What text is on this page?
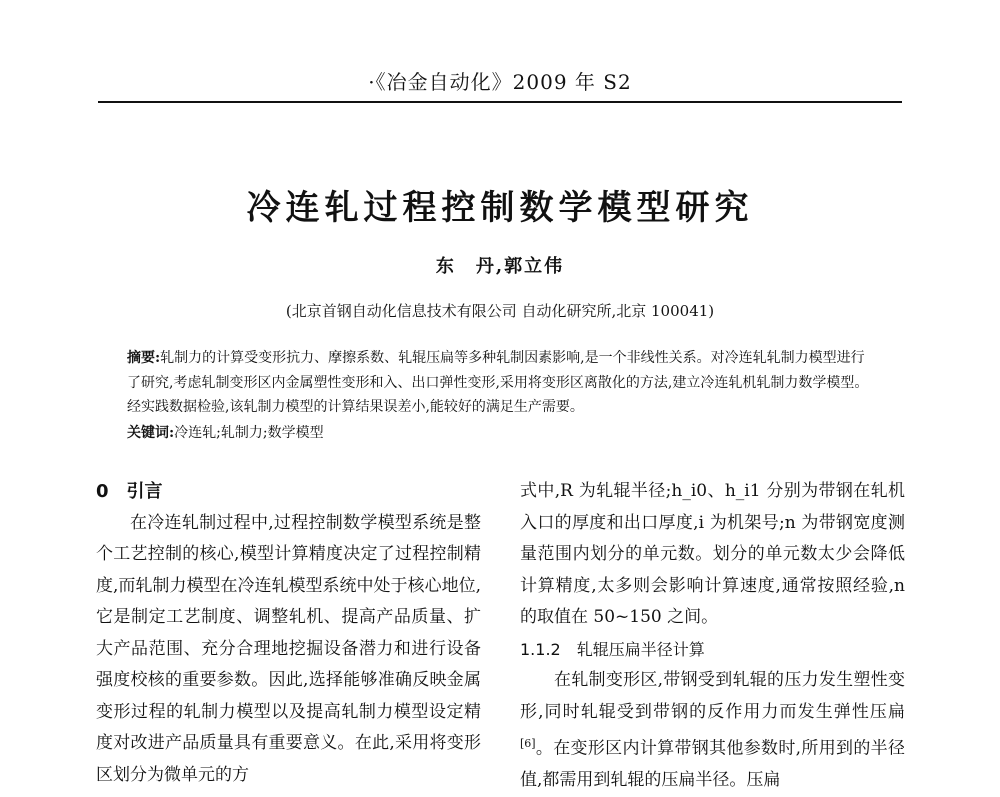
·《冶金自动化》2009 年 S2
冷连轧过程控制数学模型研究
东　丹,郭立伟
(北京首钢自动化信息技术有限公司 自动化研究所,北京 100041)
摘要:轧制力的计算受变形抗力、摩擦系数、轧辊压扁等多种轧制因素影响,是一个非线性关系。对冷连轧轧制力模型进行了研究,考虑轧制变形区内金属塑性变形和入、出口弹性变形,采用将变形区离散化的方法,建立冷连轧机轧制力数学模型。经实践数据检验,该轧制力模型的计算结果误差小,能较好的满足生产需要。
关键词:冷连轧;轧制力;数学模型
0　引言

在冷连轧制过程中,过程控制数学模型系统是整个工艺控制的核心,模型计算精度决定了过程控制精度,而轧制力模型在冷连轧模型系统中处于核心地位,它是制定工艺制度、调整轧机、提高产品质量、扩大产品范围、充分合理地挖掘设备潜力和进行设备强度校核的重要参数。因此,选择能够准确反映金属变形过程的轧制力模型以及提高轧制力模型设定精度对改进产品质量具有重要意义。在此,采用将变形区划分为微单元的方

式中,R 为轧辊半径;h_i0、h_i1 分别为带钢在轧机入口的厚度和出口厚度,i 为机架号;n 为带钢宽度测量范围内划分的单元数。划分的单元数太少会降低计算精度,太多则会影响计算速度,通常按照经验,n 的取值在 50~150 之间。

1.1.2　轧辊压扁半径计算

在轧制变形区,带钢受到轧辊的压力发生塑性变形,同时轧辊受到带钢的反作用力而发生弹性压扁[6]。在变形区内计算带钢其他参数时,所用到的半径值,都需用到轧辊的压扁半径。压扁
